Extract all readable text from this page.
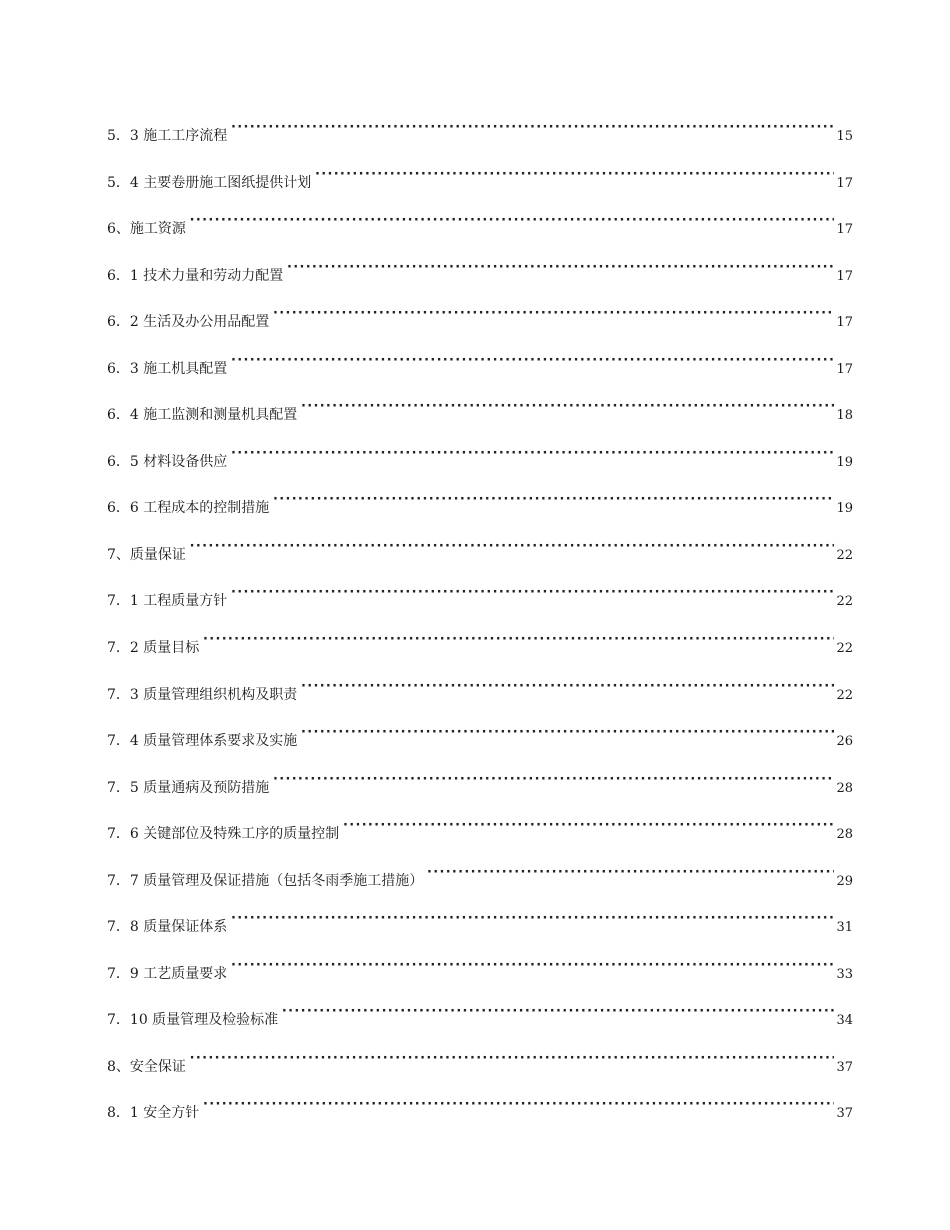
5．3 施工工序流程 ·····	15
5．4 主要卷册施工图纸提供计划 ·····	17
6、施工资源 ·····	17
6．1 技术力量和劳动力配置 ·····	17
6．2 生活及办公用品配置 ·····	17
6．3 施工机具配置 ·····	17
6．4 施工监测和测量机具配置 ·····	18
6．5 材料设备供应 ·····	19
6．6 工程成本的控制措施 ·····	19
7、质量保证 ·····	22
7．1 工程质量方针 ·····	22
7．2 质量目标 ·····	22
7．3 质量管理组织机构及职责 ·····	22
7．4 质量管理体系要求及实施 ·····	26
7．5 质量通病及预防措施 ·····	28
7．6 关键部位及特殊工序的质量控制 ·····	28
7．7 质量管理及保证措施（包括冬雨季施工措施） ·····	29
7．8 质量保证体系 ·····	31
7．9 工艺质量要求 ·····	33
7．10 质量管理及检验标准 ·····	34
8、安全保证 ·····	37
8．1 安全方针 ·····	37
